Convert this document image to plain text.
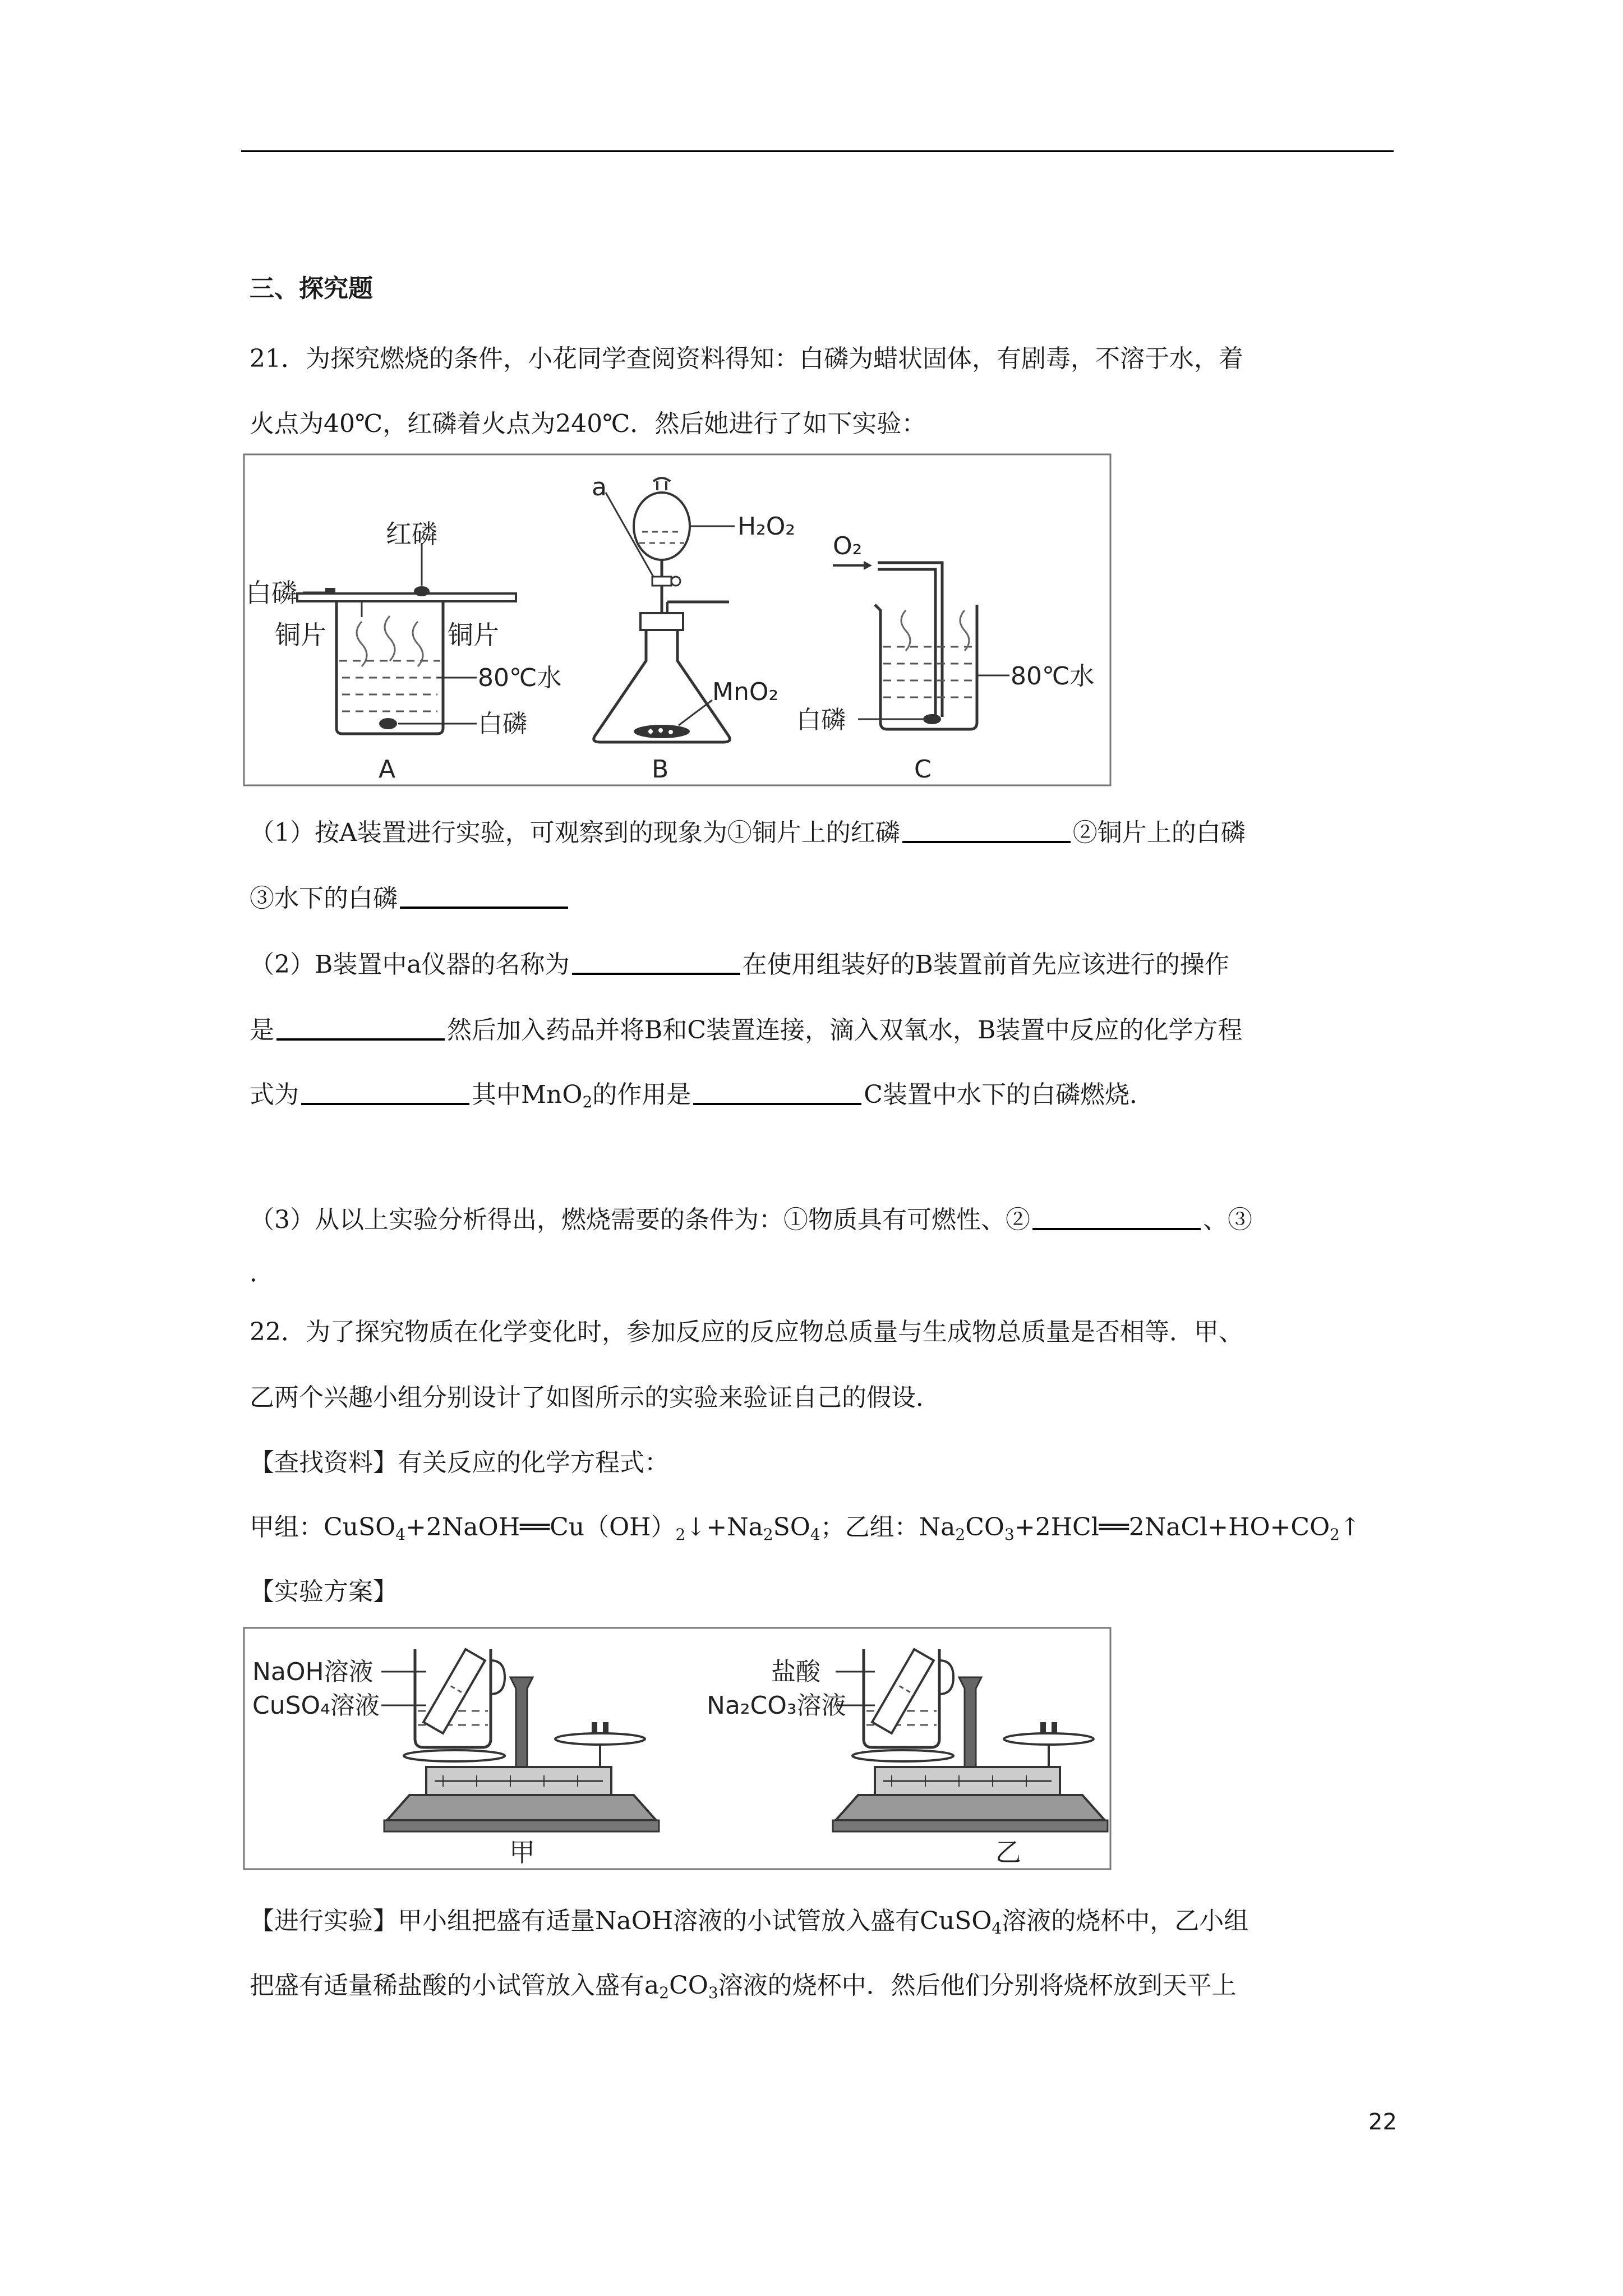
三、探究题
21．为探究燃烧的条件，小花同学查阅资料得知：白磷为蜡状固体，有剧毒，不溶于水，着
火点为40℃，红磷着火点为240℃．然后她进行了如下实验：
红磷
白磷
铜片	铜片
80℃水
白磷
A
a
H₂O₂
MnO₂
B
O₂
80℃水
白磷
C
（1）按A装置进行实验，可观察到的现象为①铜片上的红磷	②铜片上的白磷
③水下的白磷
（2）B装置中a仪器的名称为	在使用组装好的B装置前首先应该进行的操作
是	然后加入药品并将B和C装置连接，滴入双氧水，B装置中反应的化学方程
式为	其中MnO$_2$的作用是	C装置中水下的白磷燃烧．
（3）从以上实验分析得出，燃烧需要的条件为：①物质具有可燃性、②	、③
．
22．为了探究物质在化学变化时，参加反应的反应物总质量与生成物总质量是否相等．甲、
乙两个兴趣小组分别设计了如图所示的实验来验证自己的假设．
【查找资料】有关反应的化学方程式：
甲组：$CuSO_4+2NaOH══Cu(OH)_2↓+Na_2SO_4$；乙组：$Na_2CO_3+2HCl══2NaCl+HO+CO_2↑$
【实验方案】
NaOH溶液
CuSO₄溶液
甲
盐酸
Na₂CO₃溶液
乙
【进行实验】甲小组把盛有适量NaOH溶液的小试管放入盛有CuSO$_4$溶液的烧杯中，乙小组
把盛有适量稀盐酸的小试管放入盛有$a_2CO_3$溶液的烧杯中．然后他们分别将烧杯放到天平上
22
